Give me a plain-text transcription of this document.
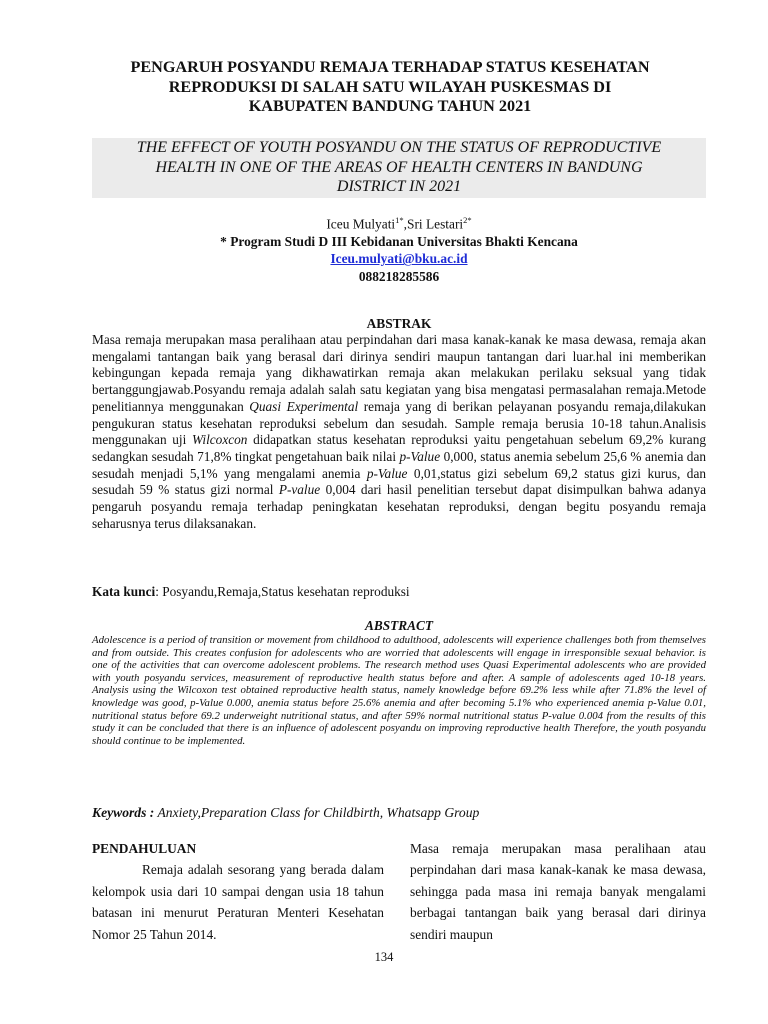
PENGARUH POSYANDU REMAJA TERHADAP STATUS KESEHATAN
REPRODUKSI DI SALAH SATU WILAYAH PUSKESMAS DI
KABUPATEN BANDUNG TAHUN 2021
THE EFFECT OF YOUTH POSYANDU ON THE STATUS OF REPRODUCTIVE
HEALTH IN ONE OF THE AREAS OF HEALTH CENTERS IN BANDUNG
DISTRICT IN 2021
Iceu Mulyati$^{1*}$,Sri Lestari$^{2*}$
* Program Studi D III Kebidanan Universitas Bhakti Kencana
Iceu.mulyati@bku.ac.id
088218285586
ABSTRAK
Masa remaja merupakan masa peralihaan atau perpindahan dari masa kanak-kanak ke masa dewasa, remaja akan mengalami tantangan baik yang berasal dari dirinya sendiri maupun tantangan dari luar.hal ini memberikan kebingungan kepada remaja yang dikhawatirkan remaja akan melakukan perilaku seksual yang tidak bertanggungjawab.Posyandu remaja adalah salah satu kegiatan yang bisa mengatasi permasalahan remaja.Metode penelitiannya menggunakan Quasi Experimental remaja yang di berikan pelayanan posyandu remaja,dilakukan pengukuran status kesehatan reproduksi sebelum dan sesudah. Sample remaja berusia 10-18 tahun.Analisis menggunakan uji Wilcoxcon didapatkan status kesehatan reproduksi yaitu pengetahuan sebelum 69,2% kurang sedangkan sesudah 71,8% tingkat pengetahuan baik nilai p-Value 0,000, status anemia sebelum 25,6 % anemia dan sesudah menjadi 5,1% yang mengalami anemia p-Value 0,01,status gizi sebelum 69,2 status gizi kurus, dan sesudah 59 % status gizi normal P-value 0,004 dari hasil penelitian tersebut dapat disimpulkan bahwa adanya pengaruh posyandu remaja terhadap peningkatan kesehatan reproduksi, dengan begitu posyandu remaja seharusnya terus dilaksanakan.
Kata kunci: Posyandu,Remaja,Status kesehatan reproduksi
ABSTRACT
Adolescence is a period of transition or movement from childhood to adulthood, adolescents will experience challenges both from themselves and from outside. This creates confusion for adolescents who are worried that adolescents will engage in irresponsible sexual behavior. is one of the activities that can overcome adolescent problems. The research method uses Quasi Experimental adolescents who are provided with youth posyandu services, measurement of reproductive health status before and after. A sample of adolescents aged 10-18 years. Analysis using the Wilcoxon test obtained reproductive health status, namely knowledge before 69.2% less while after 71.8% the level of knowledge was good, p-Value 0.000, anemia status before 25.6% anemia and after becoming 5.1% who experienced anemia p-Value 0.01, nutritional status before 69.2 underweight nutritional status, and after 59% normal nutritional status P-value 0.004 from the results of this study it can be concluded that there is an influence of adolescent posyandu on improving reproductive health Therefore, the youth posyandu should continue to be implemented.
Keywords : Anxiety,Preparation Class for Childbirth, Whatsapp Group
PENDAHULUAN
Remaja adalah sesorang yang berada dalam kelompok usia dari 10 sampai dengan usia 18 tahun batasan ini menurut Peraturan Menteri Kesehatan Nomor 25 Tahun 2014.
Masa remaja merupakan masa peralihaan atau perpindahan dari masa kanak-kanak ke masa dewasa, sehingga pada masa ini remaja banyak mengalami berbagai tantangan baik yang berasal dari dirinya sendiri maupun
134
